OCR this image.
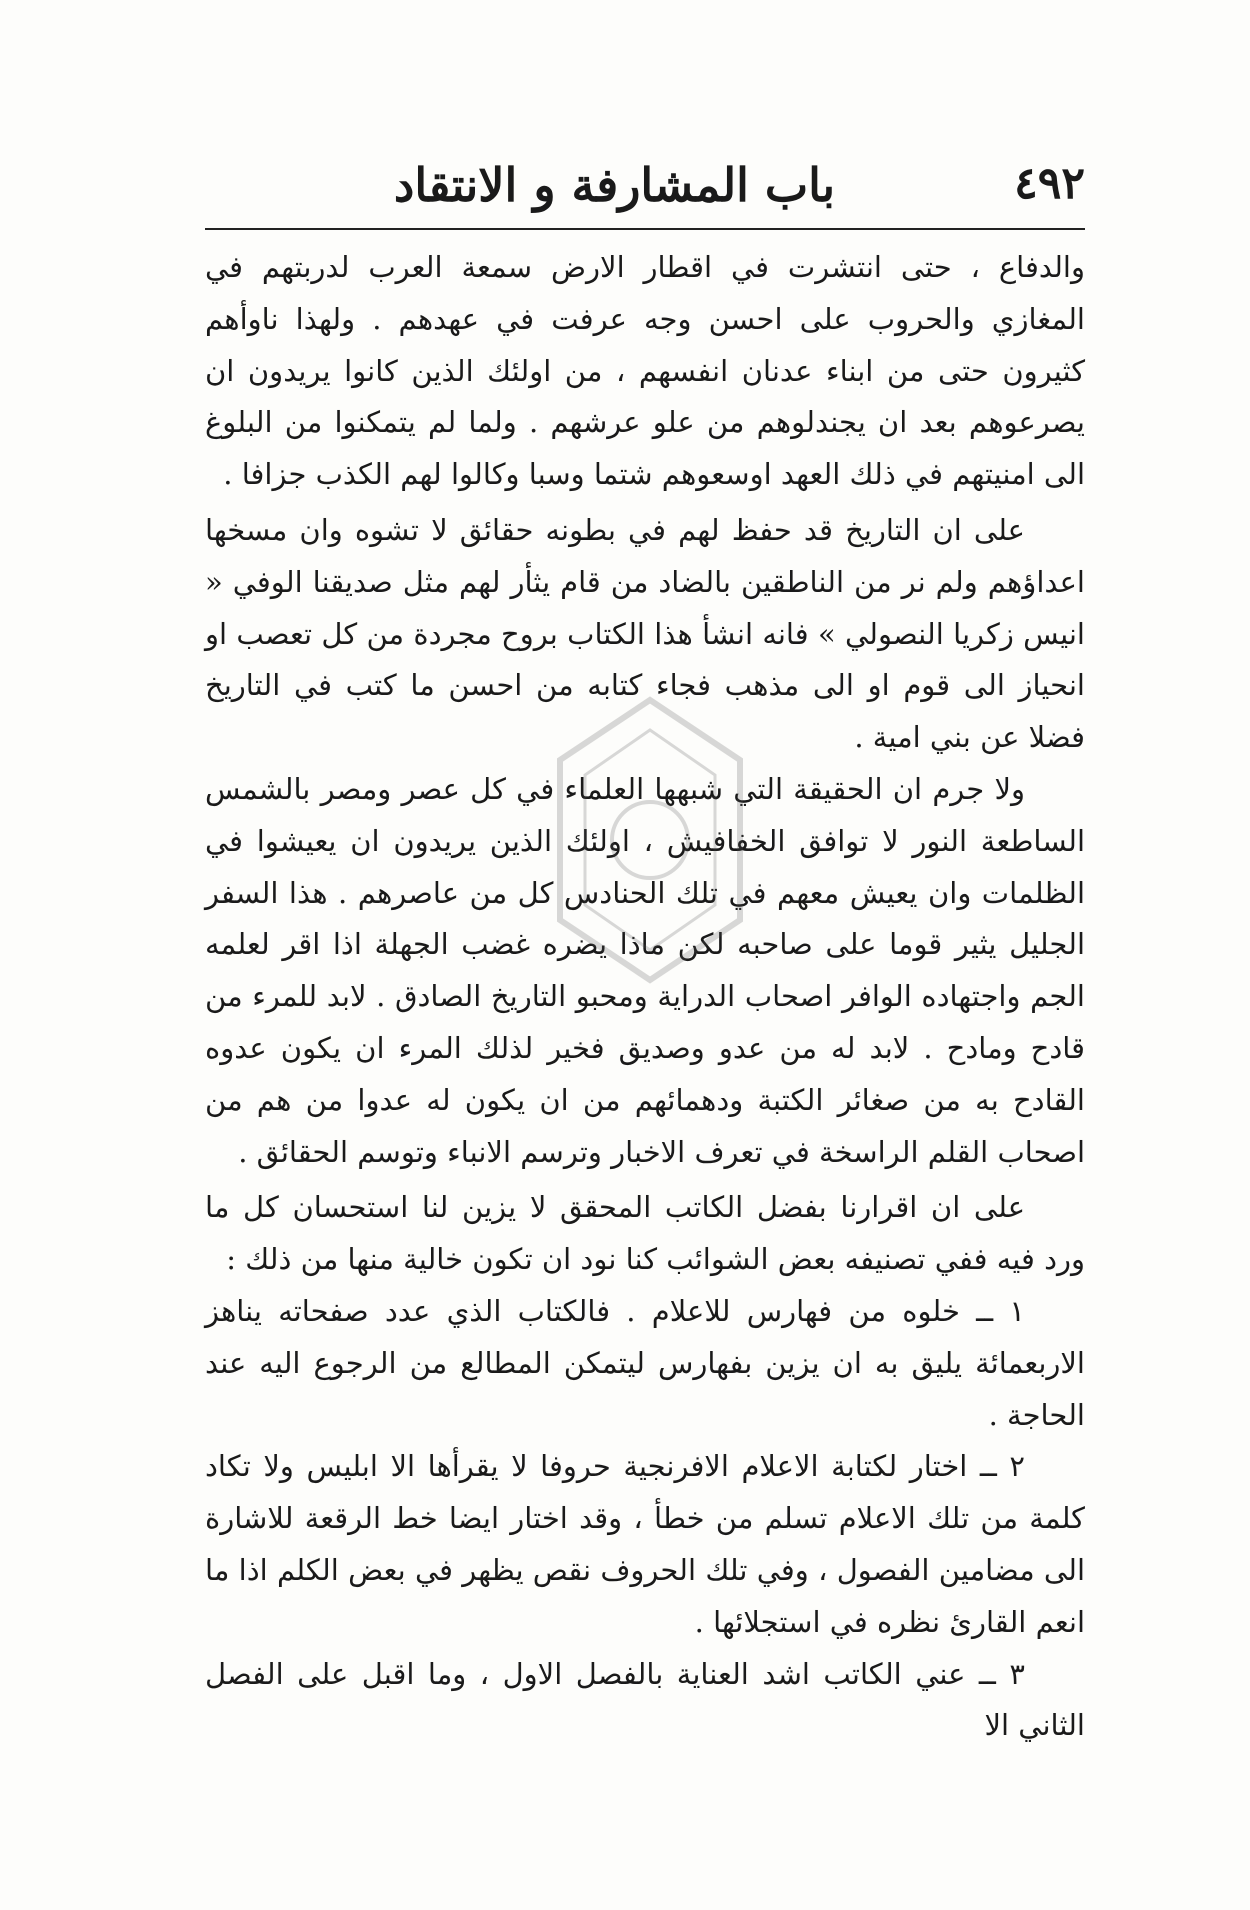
٤٩٢
باب المشارفة و الانتقاد

والدفاع ، حتى انتشرت في اقطار الارض سمعة العرب لدربتهم في المغازي والحروب على احسن وجه عرفت في عهدهم . ولهذا ناوأهم كثيرون حتى من ابناء عدنان انفسهم ، من اولئك الذين كانوا يريدون ان يصرعوهم بعد ان يجندلوهم من علو عرشهم . ولما لم يتمكنوا من البلوغ الى امنيتهم في ذلك العهد اوسعوهم شتما وسبا وكالوا لهم الكذب جزافا .

على ان التاريخ قد حفظ لهم في بطونه حقائق لا تشوه وان مسخها اعداؤهم ولم نر من الناطقين بالضاد من قام يثأر لهم مثل صديقنا الوفي « انيس زكريا النصولي » فانه انشأ هذا الكتاب بروح مجردة من كل تعصب او انحياز الى قوم او الى مذهب فجاء كتابه من احسن ما كتب في التاريخ فضلا عن بني امية .

ولا جرم ان الحقيقة التي شبهها العلماء في كل عصر ومصر بالشمس الساطعة النور لا توافق الخفافيش ، اولئك الذين يريدون ان يعيشوا في الظلمات وان يعيش معهم في تلك الحنادس كل من عاصرهم . هذا السفر الجليل يثير قوما على صاحبه لكن ماذا يضره غضب الجهلة اذا اقر لعلمه الجم واجتهاده الوافر اصحاب الدراية ومحبو التاريخ الصادق . لابد للمرء من قادح ومادح . لابد له من عدو وصديق فخير لذلك المرء ان يكون عدوه القادح به من صغائر الكتبة ودهمائهم من ان يكون له عدوا من هم من اصحاب القلم الراسخة في تعرف الاخبار وترسم الانباء وتوسم الحقائق .

على ان اقرارنا بفضل الكاتب المحقق لا يزين لنا استحسان كل ما ورد فيه ففي تصنيفه بعض الشوائب كنا نود ان تكون خالية منها من ذلك :

١ ــ خلوه من فهارس للاعلام . فالكتاب الذي عدد صفحاته يناهز الاربعمائة يليق به ان يزين بفهارس ليتمكن المطالع من الرجوع اليه عند الحاجة .

٢ ــ اختار لكتابة الاعلام الافرنجية حروفا لا يقرأها الا ابليس ولا تكاد كلمة من تلك الاعلام تسلم من خطأ ، وقد اختار ايضا خط الرقعة للاشارة الى مضامين الفصول ، وفي تلك الحروف نقص يظهر في بعض الكلم اذا ما انعم القارئ نظره في استجلائها .

٣ ــ عني الكاتب اشد العناية بالفصل الاول ، وما اقبل على الفصل الثاني الا
